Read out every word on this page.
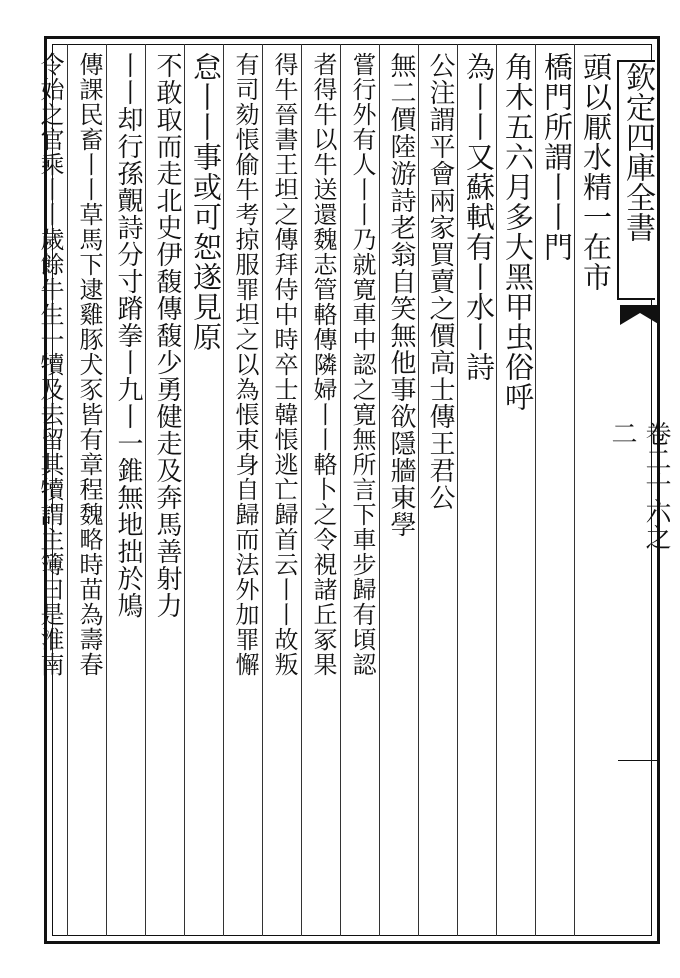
欽定四庫全書
卷二十六之二
頭以厭水精一在市
橋門所謂丨丨門
角木五六月多大黑甲虫俗呼
為丨丨又蘇軾有丨水丨詩
公注謂平會兩家買賣之價高士傳王君公
無二價陸游詩老翁自笑無他事欲隱牆東學
嘗行外有人丨丨乃就寛車中認之寛無所言下車步歸有頃認
者得牛以牛送還魏志管輅傳隣婦丨丨輅卜之令視諸丘冢果
得牛晉書王坦之傳拜侍中時卒士韓悵逃亡歸首云丨丨故叛
有司劾悵偷牛考掠服罪坦之以為悵束身自歸而法外加罪懈
怠丨丨事或可恕遂見原
不敢取而走北史伊馥傳馥少勇健走及奔馬善射力
丨丨却行孫覿詩分寸蹐拳丨九丨一錐無地拙於鳩
傳課民畜丨丨草馬下逮雞豚犬豕皆有章程魏略時苗為壽春
令始之官乘丨丨歲餘牛生一犢及去留其犢謂主簿曰是淮南
